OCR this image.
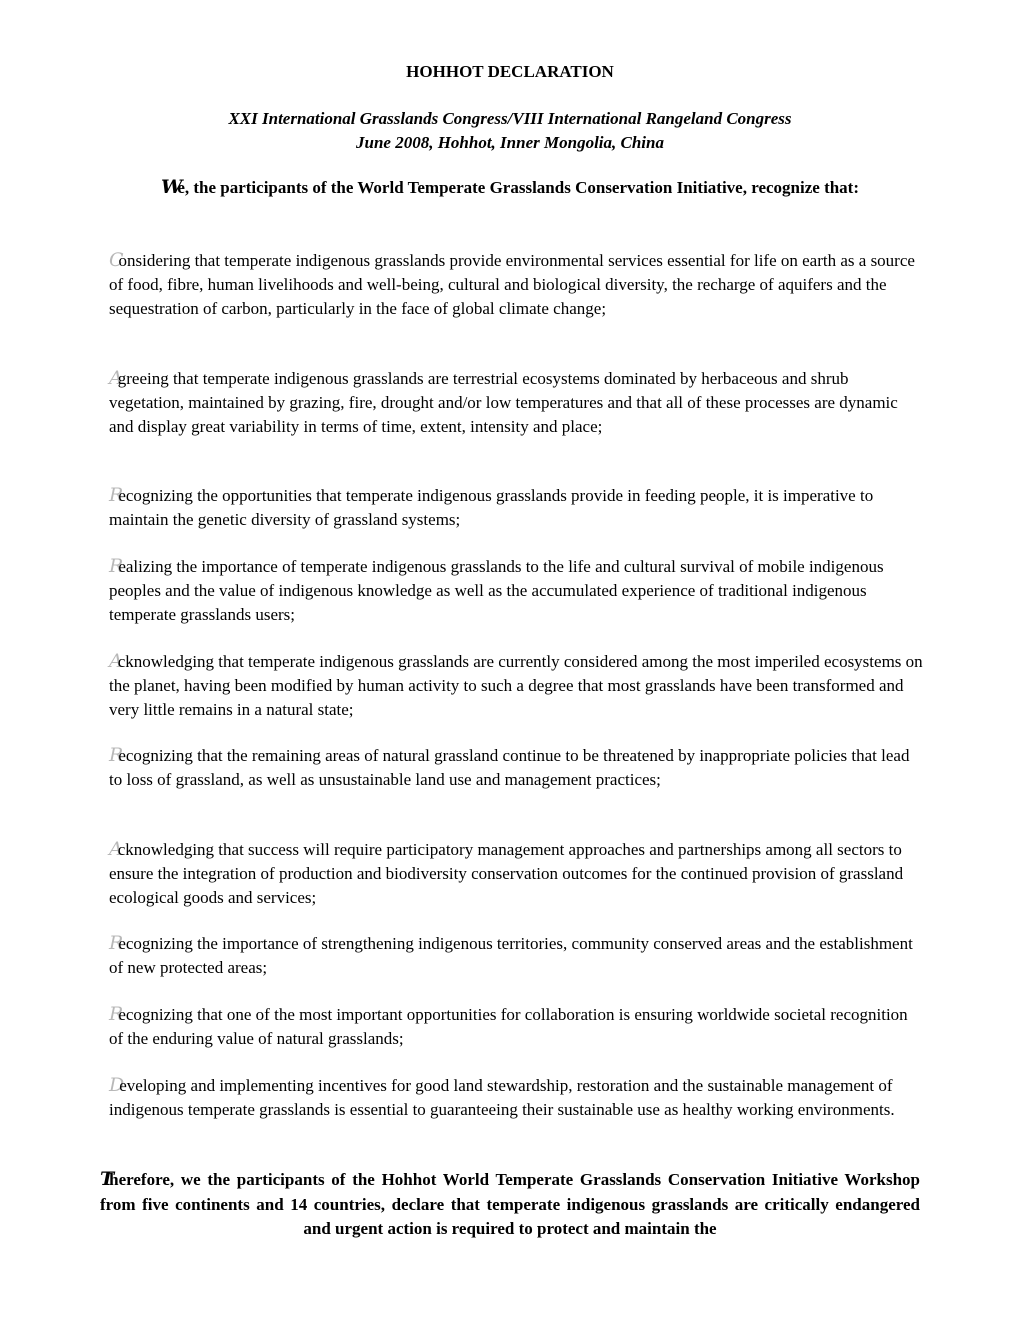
HOHHOT DECLARATION

XXI International Grasslands Congress/VIII International Rangeland Congress
June 2008, Hohhot, Inner Mongolia, China

We, the participants of the World Temperate Grasslands Conservation Initiative, recognize that:

Considering that temperate indigenous grasslands provide environmental services essential for life on earth as a source of food, fibre, human livelihoods and well-being, cultural and biological diversity, the recharge of aquifers and the sequestration of carbon, particularly in the face of global climate change;

Agreeing that temperate indigenous grasslands are terrestrial ecosystems dominated by herbaceous and shrub vegetation, maintained by grazing, fire, drought and/or low temperatures and that all of these processes are dynamic and display great variability in terms of time, extent, intensity and place;

Recognizing the opportunities that temperate indigenous grasslands provide in feeding people, it is imperative to maintain the genetic diversity of grassland systems;

Realizing the importance of temperate indigenous grasslands to the life and cultural survival of mobile indigenous peoples and the value of indigenous knowledge as well as the accumulated experience of traditional indigenous temperate grasslands users;

Acknowledging that temperate indigenous grasslands are currently considered among the most imperiled ecosystems on the planet, having been modified by human activity to such a degree that most grasslands have been transformed and very little remains in a natural state;

Recognizing that the remaining areas of natural grassland continue to be threatened by inappropriate policies that lead to loss of grassland, as well as unsustainable land use and management practices;

Acknowledging that success will require participatory management approaches and partnerships among all sectors to ensure the integration of production and biodiversity conservation outcomes for the continued provision of grassland ecological goods and services;

Recognizing the importance of strengthening indigenous territories, community conserved areas and the establishment of new protected areas;

Recognizing that one of the most important opportunities for collaboration is ensuring worldwide societal recognition of the enduring value of natural grasslands;

Developing and implementing incentives for good land stewardship, restoration and the sustainable management of indigenous temperate grasslands is essential to guaranteeing their sustainable use as healthy working environments.

Therefore, we the participants of the Hohhot World Temperate Grasslands Conservation Initiative Workshop from five continents and 14 countries, declare that temperate indigenous grasslands are critically endangered and urgent action is required to protect and maintain the
